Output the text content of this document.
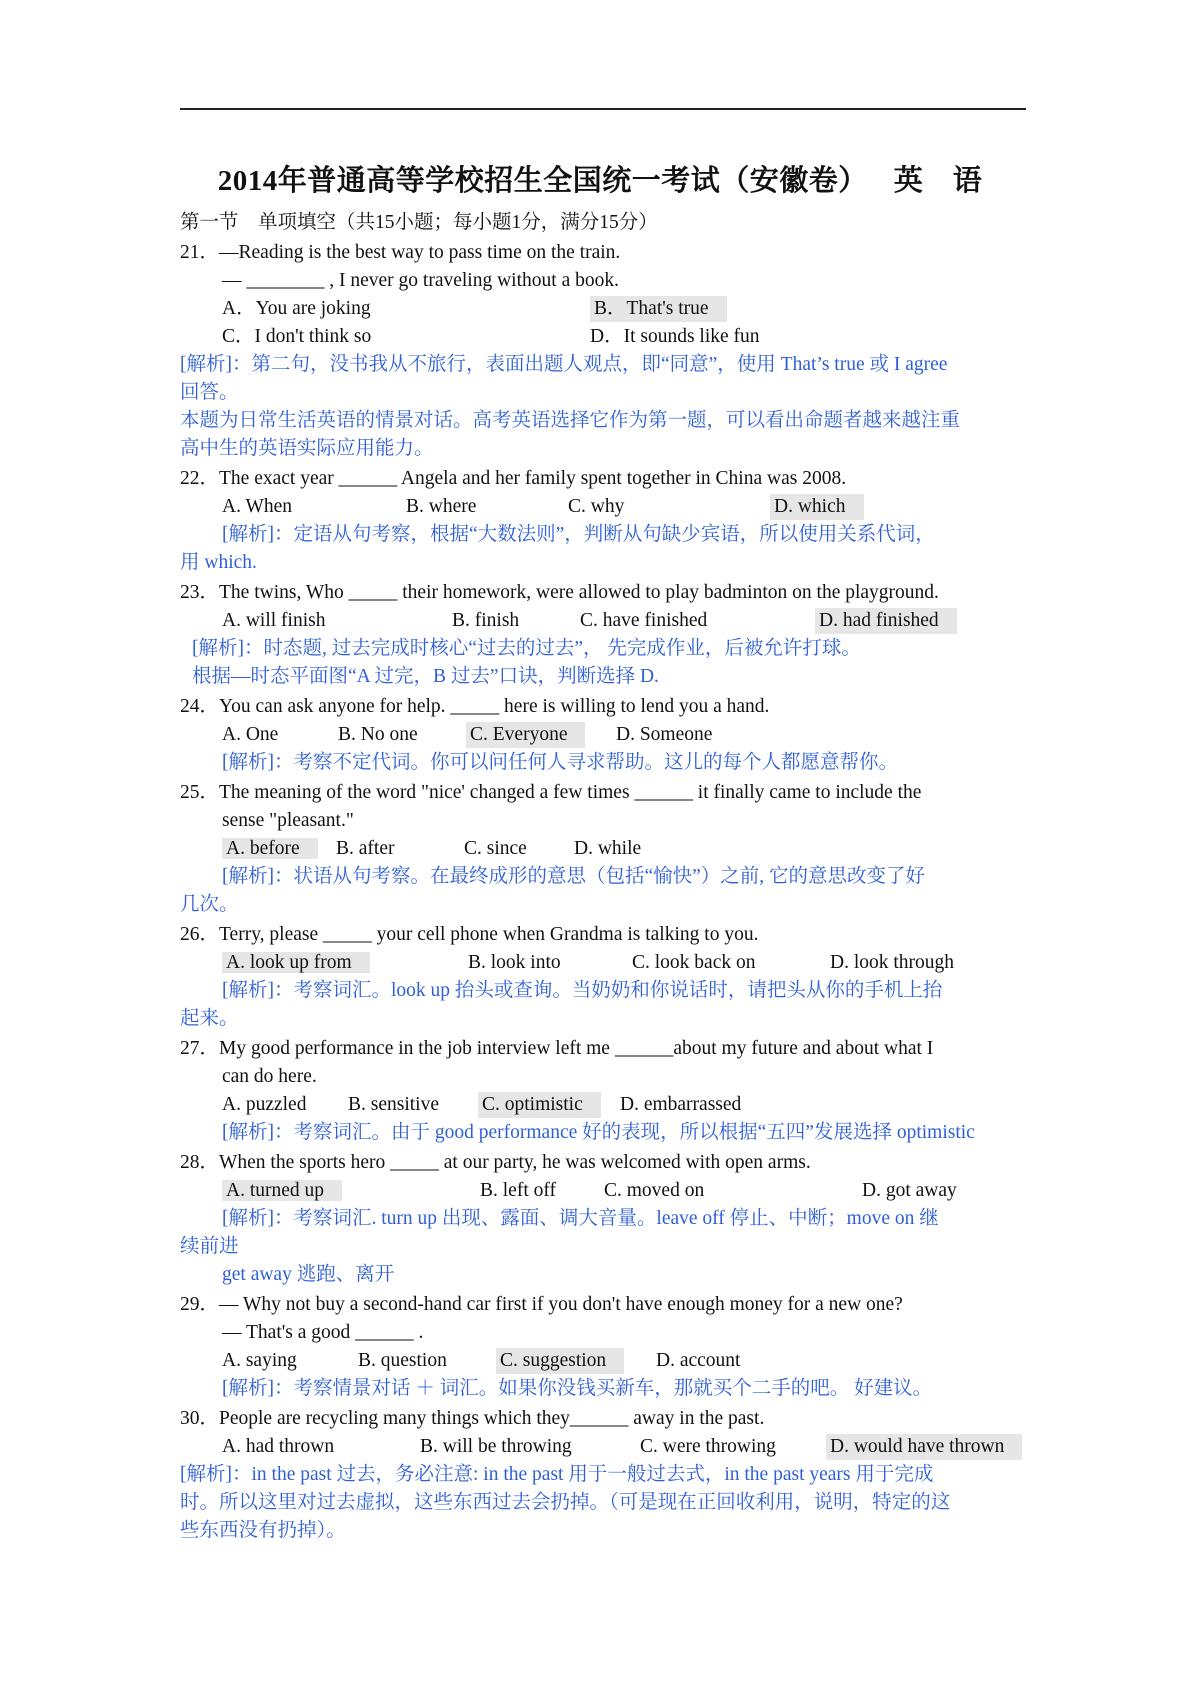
2014年普通高等学校招生全国统一考试（安徽卷） 英　语
第一节　单项填空（共15小题；每小题1分，满分15分）
21．—Reading is the best way to pass time on the train.
— ________ , I never go traveling without a book.
A．You are joking	B．That's true
C．I don't think so	D．It sounds like fun
[解析]：第二句，没书我从不旅行，表面出题人观点，即“同意”，使用 That’s true 或 I agree
回答。
本题为日常生活英语的情景对话。高考英语选择它作为第一题，可以看出命题者越来越注重
高中生的英语实际应用能力。
22．The exact year ______ Angela and her family spent together in China was 2008.
A. When	B. where	C. why	D. which
[解析]：定语从句考察，根据“大数法则”，判断从句缺少宾语，所以使用关系代词，
用 which.
23．The twins, Who _____ their homework, were allowed to play badminton on the playground.
A. will finish	B. finish	C. have finished	D. had finished
[解析]：时态题, 过去完成时核心“过去的过去”， 先完成作业，后被允许打球。
根据—时态平面图“A 过完，B 过去”口诀，判断选择 D.
24．You can ask anyone for help. _____ here is willing to lend you a hand.
A. One	B. No one	C. Everyone	D. Someone
[解析]：考察不定代词。你可以问任何人寻求帮助。这儿的每个人都愿意帮你。
25．The meaning of the word "nice' changed a few times ______ it finally came to include the
sense "pleasant."
A. before B. after	C. since D. while
[解析]：状语从句考察。在最终成形的意思（包括“愉快”）之前, 它的意思改变了好
几次。
26．Terry, please _____ your cell phone when Grandma is talking to you.
A. look up from	B. look into	C. look back on	D. look through
[解析]：考察词汇。look up 抬头或查询。当奶奶和你说话时，请把头从你的手机上抬
起来。
27．My good performance in the job interview left me ______about my future and about what I
can do here.
A. puzzled B. sensitive C. optimistic	D. embarrassed
[解析]：考察词汇。由于 good performance 好的表现，所以根据“五四”发展选择 optimistic
28．When the sports hero _____ at our party, he was welcomed with open arms.
A. turned up	B. left off C. moved on	D. got away
[解析]：考察词汇. turn up 出现、露面、调大音量。leave off 停止、中断；move on 继
续前进
get away 逃跑、离开
29．— Why not buy a second-hand car first if you don't have enough money for a new one?
— That's a good ______ .
A. saying	B. question	C. suggestion	D. account
[解析]：考察情景对话 ＋ 词汇。如果你没钱买新车，那就买个二手的吧。 好建议。
30．People are recycling many things which they______ away in the past.
A. had thrown	B. will be throwing	C. were throwing	D. would have thrown
[解析]：in the past 过去，务必注意: in the past 用于一般过去式，in the past years 用于完成
时。所以这里对过去虚拟，这些东西过去会扔掉。（可是现在正回收利用，说明，特定的这
些东西没有扔掉）。
